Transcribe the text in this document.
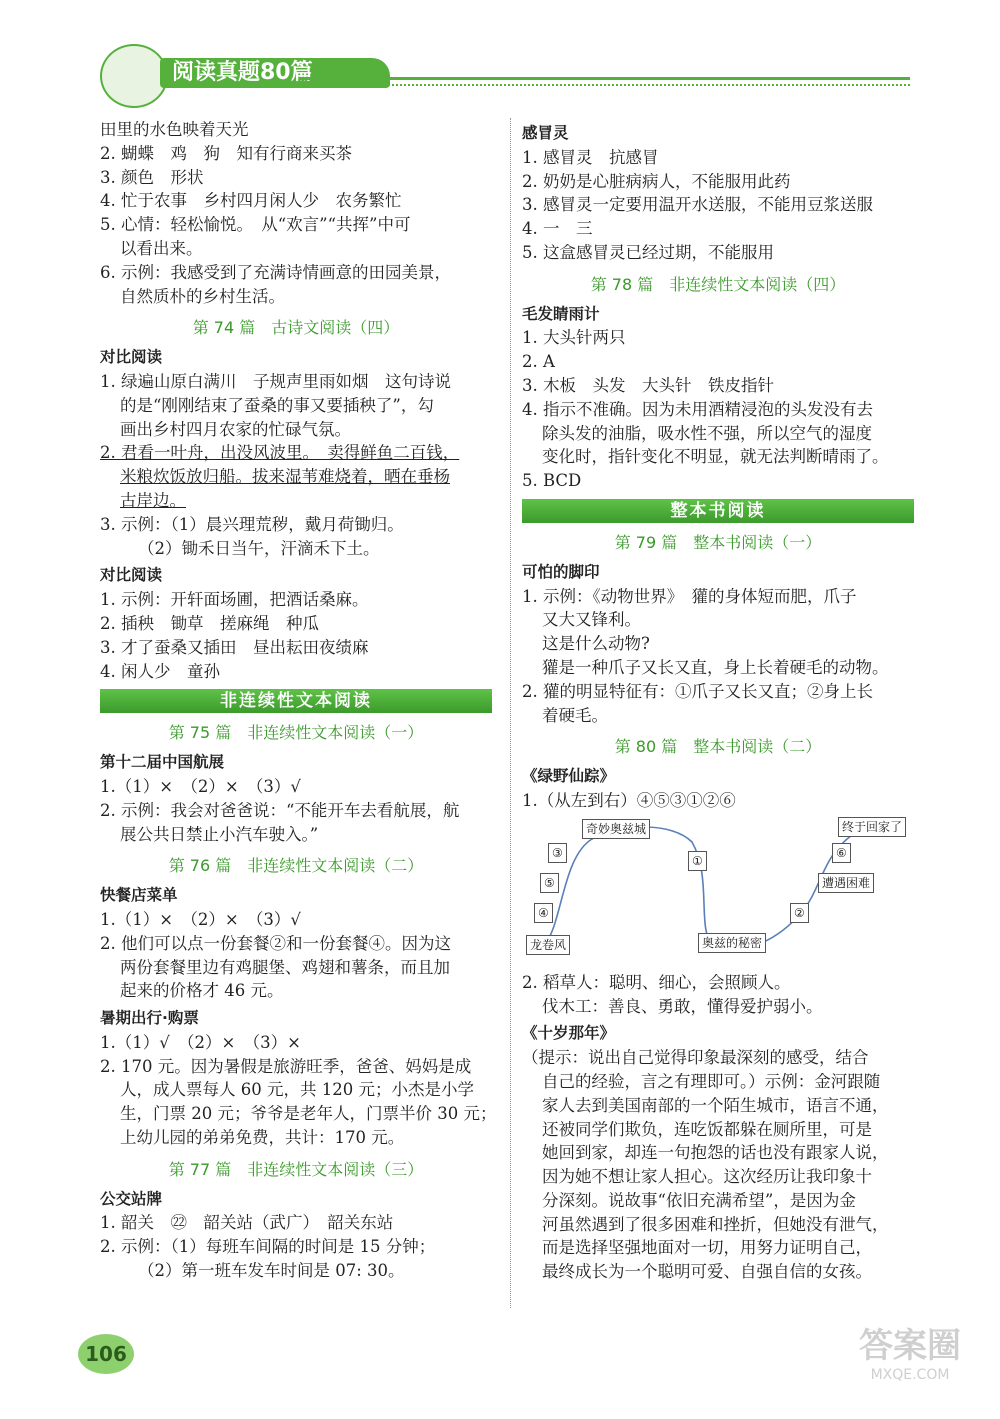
阅读真题80篇
田里的水色映着天光
2. 蝴蝶　鸡　狗　知有行商来买茶
3. 颜色　形状
4. 忙于农事　乡村四月闲人少　农务繁忙
5. 心情：轻松愉悦。　从“欢言”“共挥”中可
以看出来。
6. 示例：我感受到了充满诗情画意的田园美景，
自然质朴的乡村生活。
第 74 篇　古诗文阅读（四）
对比阅读
1. 绿遍山原白满川　子规声里雨如烟　这句诗说
的是“刚刚结束了蚕桑的事又要插秧了”，勾
画出乡村四月农家的忙碌气氛。
2. 君看一叶舟，出没风波里。　卖得鲜鱼二百钱，
米粮炊饭放归船。拔来湿苇难烧着，晒在垂杨
古岸边。
3. 示例：（1）晨兴理荒秽，戴月荷锄归。
（2）锄禾日当午，汗滴禾下土。
对比阅读
1. 示例：开轩面场圃，把酒话桑麻。
2. 插秧　锄草　搓麻绳　种瓜
3. 才了蚕桑又插田　昼出耘田夜绩麻
4. 闲人少　童孙
非连续性文本阅读
第 75 篇　非连续性文本阅读（一）
第十二届中国航展
1.（1）×　（2）×　（3）√
2. 示例：我会对爸爸说：“不能开车去看航展，航
展公共日禁止小汽车驶入。”
第 76 篇　非连续性文本阅读（二）
快餐店菜单
1.（1）×　（2）×　（3）√
2. 他们可以点一份套餐②和一份套餐④。因为这
两份套餐里边有鸡腿堡、鸡翅和薯条，而且加
起来的价格才 46 元。
暑期出行·购票
1.（1）√　（2）×　（3）×
2. 170 元。因为暑假是旅游旺季，爸爸、妈妈是成
人，成人票每人 60 元，共 120 元；小杰是小学
生，门票 20 元；爷爷是老年人，门票半价 30 元；
上幼儿园的弟弟免费，共计：170 元。
第 77 篇　非连续性文本阅读（三）
公交站牌
1. 韶关　㉒　韶关站（武广）　韶关东站
2. 示例：（1）每班车间隔的时间是 15 分钟；
（2）第一班车发车时间是 07: 30。
感冒灵
1. 感冒灵　抗感冒
2. 奶奶是心脏病病人，不能服用此药
3. 感冒灵一定要用温开水送服，不能用豆浆送服
4. 一　三
5. 这盒感冒灵已经过期，不能服用
第 78 篇　非连续性文本阅读（四）
毛发睛雨计
1. 大头针两只
2. A
3. 木板　头发　大头针　铁皮指针
4. 指示不准确。因为未用酒精浸泡的头发没有去
除头发的油脂，吸水性不强，所以空气的湿度
变化时，指针变化不明显，就无法判断晴雨了。
5. BCD
整本书阅读
第 79 篇　整本书阅读（一）
可怕的脚印
1. 示例：《动物世界》　獾的身体短而肥，爪子
又大又锋利。
这是什么动物?
獾是一种爪子又长又直，身上长着硬毛的动物。
2. 獾的明显特征有：①爪子又长又直；②身上长
着硬毛。
第 80 篇　整本书阅读（二）
《绿野仙踪》
1.（从左到右）④⑤③①②⑥
奇妙奥兹城	终于回家了
③
⑤
④
龙卷风
①
奥兹的秘密
②
遭遇困难
⑥
2. 稻草人：聪明、细心，会照顾人。
伐木工：善良、勇敢，懂得爱护弱小。
《十岁那年》
（提示：说出自己觉得印象最深刻的感受，结合
自己的经验，言之有理即可。）示例：金河跟随
家人去到美国南部的一个陌生城市，语言不通，
还被同学们欺负，连吃饭都躲在厕所里，可是
她回到家，却连一句抱怨的话也没有跟家人说，
因为她不想让家人担心。这次经历让我印象十
分深刻。说故事“依旧充满希望”，是因为金
河虽然遇到了很多困难和挫折，但她没有泄气，
而是选择坚强地面对一切，用努力证明自己，
最终成长为一个聪明可爱、自强自信的女孩。
106	答案圈
MXQE.COM
